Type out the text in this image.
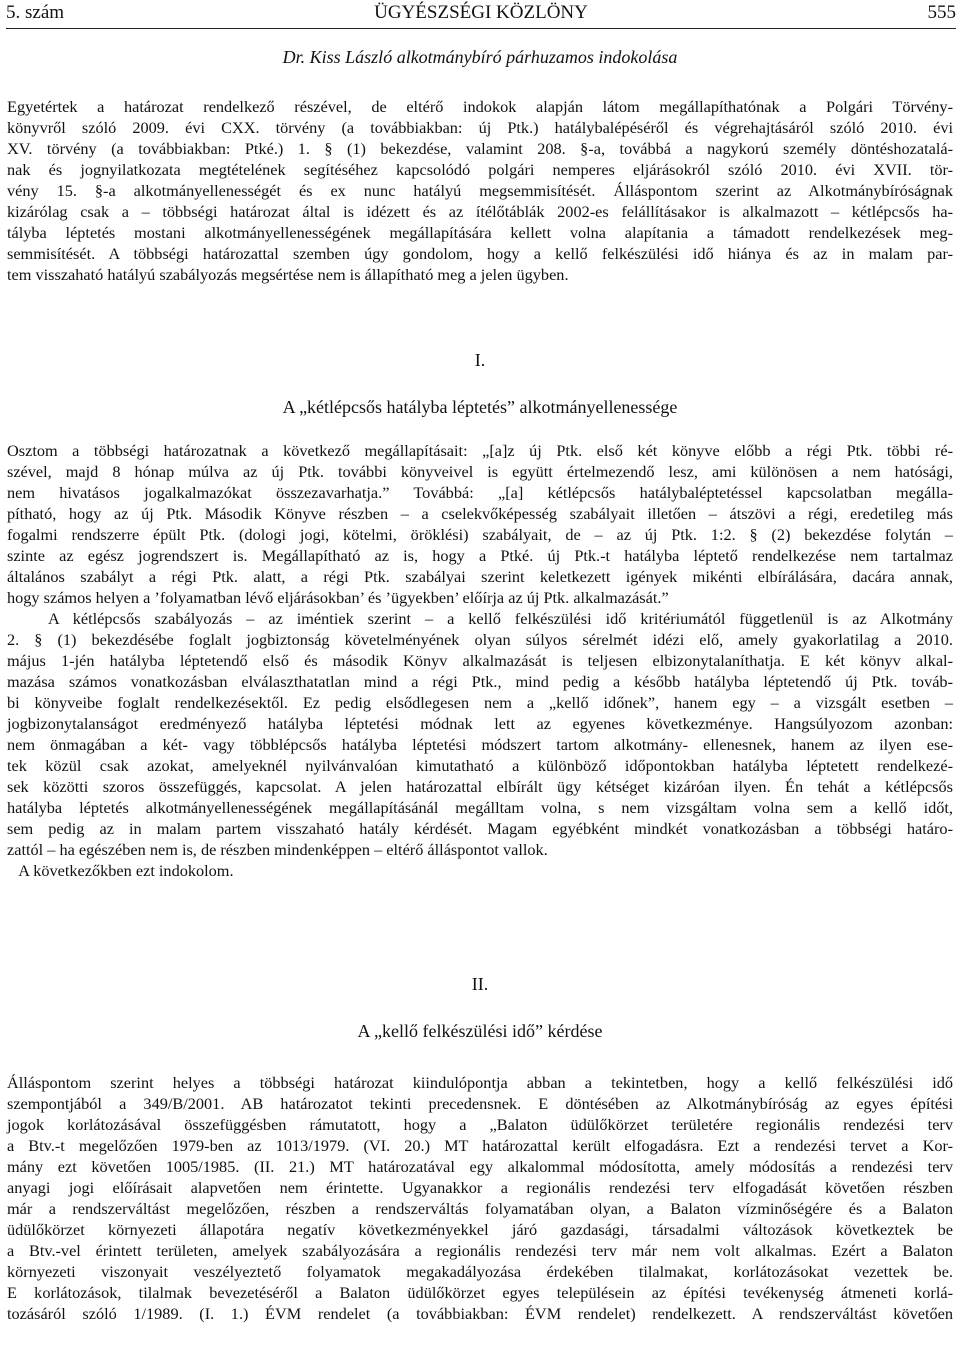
5. szám	ÜGYÉSZSÉGI KÖZLÖNY	555
Dr. Kiss László alkotmánybíró párhuzamos indokolása
Egyetértek a határozat rendelkező részével, de eltérő indokok alapján látom megállapíthatónak a Polgári Törvény-
könyvről szóló 2009. évi CXX. törvény (a továbbiakban: új Ptk.) hatálybalépéséről és végrehajtásáról szóló 2010. évi
XV. törvény (a továbbiakban: Ptké.) 1. § (1) bekezdése, valamint 208. §-a, továbbá a nagykorú személy döntéshozatalá-
nak és jognyilatkozata megtételének segítéséhez kapcsolódó polgári nemperes eljárásokról szóló 2010. évi XVII. tör-
vény 15. §-a alkotmányellenességét és ex nunc hatályú megsemmisítését. Álláspontom szerint az Alkotmánybíróságnak
kizárólag csak a – többségi határozat által is idézett és az ítélőtáblák 2002-es felállításakor is alkalmazott – kétlépcsős ha-
tályba léptetés mostani alkotmányellenességének megállapítására kellett volna alapítania a támadott rendelkezések meg-
semmisítését. A többségi határozattal szemben úgy gondolom, hogy a kellő felkészülési idő hiánya és az in malam par-
tem visszaható hatályú szabályozás megsértése nem is állapítható meg a jelen ügyben.
I.
A „kétlépcsős hatályba léptetés” alkotmányellenessége
Osztom a többségi határozatnak a következő megállapításait: „[a]z új Ptk. első két könyve előbb a régi Ptk. többi ré-
szével, majd 8 hónap múlva az új Ptk. további könyveivel is együtt értelmezendő lesz, ami különösen a nem hatósági,
nem hivatásos jogalkalmazókat összezavarhatja.” Továbbá: „[a] kétlépcsős hatálybaléptetéssel kapcsolatban megálla-
pítható, hogy az új Ptk. Második Könyve részben – a cselekvőképesség szabályait illetően – átszövi a régi, eredetileg más
fogalmi rendszerre épült Ptk. (dologi jogi, kötelmi, öröklési) szabályait, de – az új Ptk. 1:2. § (2) bekezdése folytán –
szinte az egész jogrendszert is. Megállapítható az is, hogy a Ptké. új Ptk.-t hatályba léptető rendelkezése nem tartalmaz
általános szabályt a régi Ptk. alatt, a régi Ptk. szabályai szerint keletkezett igények mikénti elbírálására, dacára annak,
hogy számos helyen a ’folyamatban lévő eljárásokban’ és ’ügyekben’ előírja az új Ptk. alkalmazását.”
A kétlépcsős szabályozás – az iméntiek szerint – a kellő felkészülési idő kritériumától függetlenül is az Alkotmány
2. § (1) bekezdésébe foglalt jogbiztonság követelményének olyan súlyos sérelmét idézi elő, amely gyakorlatilag a 2010.
május 1-jén hatályba léptetendő első és második Könyv alkalmazását is teljesen elbizonytalaníthatja. E két könyv alkal-
mazása számos vonatkozásban elválaszthatatlan mind a régi Ptk., mind pedig a később hatályba léptetendő új Ptk. továb-
bi könyveibe foglalt rendelkezésektől. Ez pedig elsődlegesen nem a „kellő időnek”, hanem egy – a vizsgált esetben –
jogbizonytalanságot eredményező hatályba léptetési módnak lett az egyenes következménye. Hangsúlyozom azonban:
nem önmagában a két- vagy többlépcsős hatályba léptetési módszert tartom alkotmány- ellenesnek, hanem az ilyen ese-
tek közül csak azokat, amelyeknél nyilvánvalóan kimutatható a különböző időpontokban hatályba léptetett rendelkezé-
sek közötti szoros összefüggés, kapcsolat. A jelen határozattal elbírált ügy kétséget kizáróan ilyen. Én tehát a kétlépcsős
hatályba léptetés alkotmányellenességének megállapításánál megálltam volna, s nem vizsgáltam volna sem a kellő időt,
sem pedig az in malam partem visszaható hatály kérdését. Magam egyébként mindkét vonatkozásban a többségi határo-
zattól – ha egészében nem is, de részben mindenképpen – eltérő álláspontot vallok.
A következőkben ezt indokolom.
II.
A „kellő felkészülési idő” kérdése
Álláspontom szerint helyes a többségi határozat kiindulópontja abban a tekintetben, hogy a kellő felkészülési idő
szempontjából a 349/B/2001. AB határozatot tekinti precedensnek. E döntésében az Alkotmánybíróság az egyes építési
jogok korlátozásával összefüggésben rámutatott, hogy a „Balaton üdülőkörzet területére regionális rendezési terv
a Btv.-t megelőzően 1979-ben az 1013/1979. (VI. 20.) MT határozattal került elfogadásra. Ezt a rendezési tervet a Kor-
mány ezt követően 1005/1985. (II. 21.) MT határozatával egy alkalommal módosította, amely módosítás a rendezési terv
anyagi jogi előírásait alapvetően nem érintette. Ugyanakkor a regionális rendezési terv elfogadását követően részben
már a rendszerváltást megelőzően, részben a rendszerváltás folyamatában olyan, a Balaton vízminőségére és a Balaton
üdülőkörzet környezeti állapotára negatív következményekkel járó gazdasági, társadalmi változások következtek be
a Btv.-vel érintett területen, amelyek szabályozására a regionális rendezési terv már nem volt alkalmas. Ezért a Balaton
környezeti viszonyait veszélyeztető folyamatok megakadályozása érdekében tilalmakat, korlátozásokat vezettek be.
E korlátozások, tilalmak bevezetéséről a Balaton üdülőkörzet egyes településein az építési tevékenység átmeneti korlá-
tozásáról szóló 1/1989. (I. 1.) ÉVM rendelet (a továbbiakban: ÉVM rendelet) rendelkezett. A rendszerváltást követően
